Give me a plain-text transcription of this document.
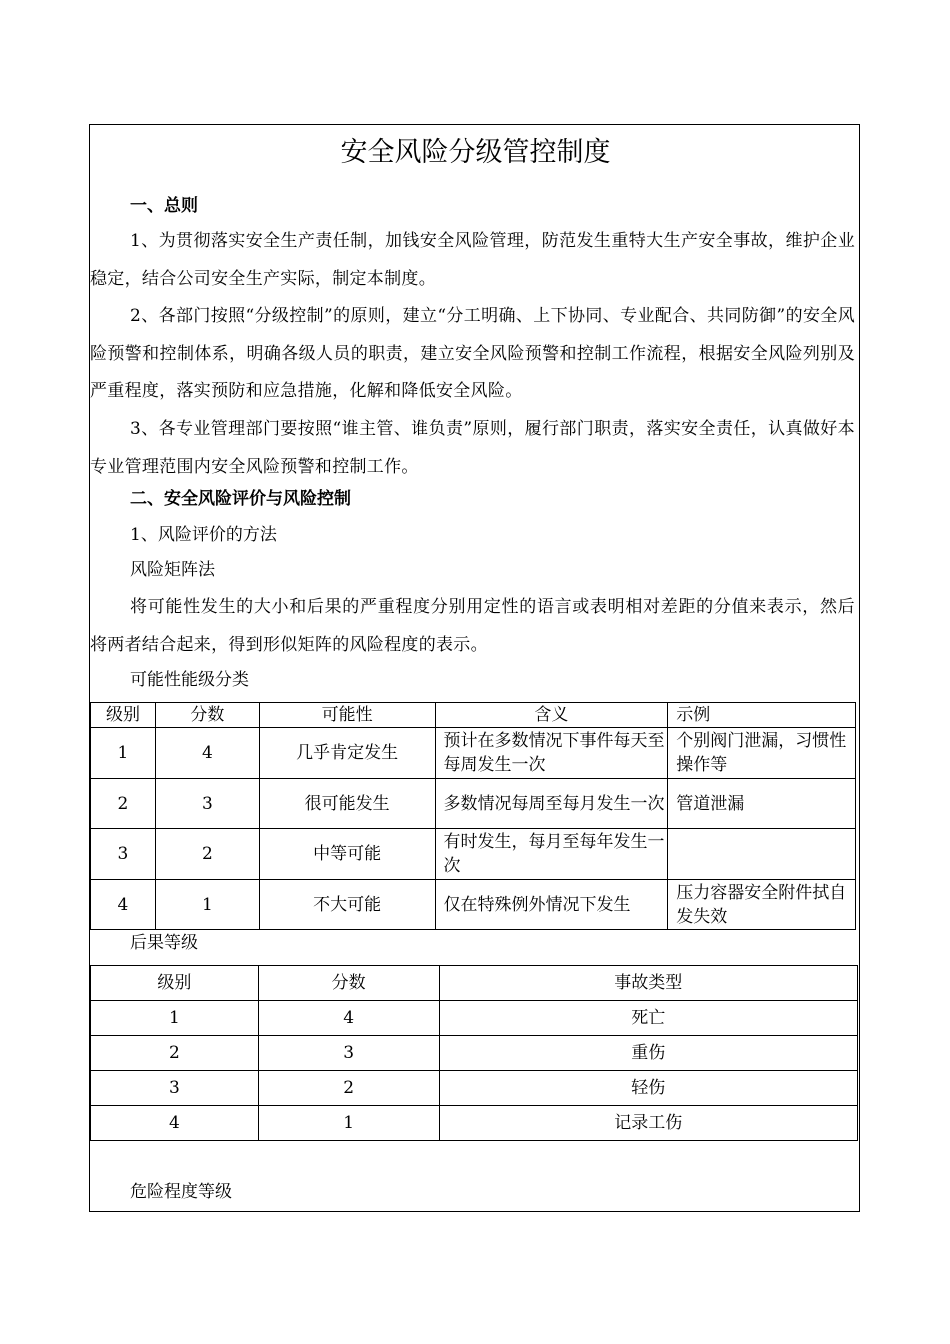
安全风险分级管控制度
一、总则
1、为贯彻落实安全生产责任制，加钱安全风险管理，防范发生重特大生产安全事故，维护企业稳定，结合公司安全生产实际，制定本制度。
2、各部门按照“分级控制”的原则，建立“分工明确、上下协同、专业配合、共同防御”的安全风险预警和控制体系，明确各级人员的职责，建立安全风险预警和控制工作流程，根据安全风险列别及严重程度，落实预防和应急措施，化解和降低安全风险。
3、各专业管理部门要按照“谁主管、谁负责”原则，履行部门职责，落实安全责任，认真做好本专业管理范围内安全风险预警和控制工作。
二、安全风险评价与风险控制
1、风险评价的方法
风险矩阵法
将可能性发生的大小和后果的严重程度分别用定性的语言或表明相对差距的分值来表示，然后将两者结合起来，得到形似矩阵的风险程度的表示。
可能性能级分类
级别	分数	可能性	含义	示例
1	4	几乎肯定发生	预计在多数情况下事件每天至每周发生一次	个别阀门泄漏，习惯性操作等
2	3	很可能发生	多数情况每周至每月发生一次	管道泄漏
3	2	中等可能	有时发生，每月至每年发生一次	
4	1	不大可能	仅在特殊例外情况下发生	压力容器安全附件拭自发失效
后果等级
级别	分数	事故类型
1	4	死亡
2	3	重伤
3	2	轻伤
4	1	记录工伤
危险程度等级
